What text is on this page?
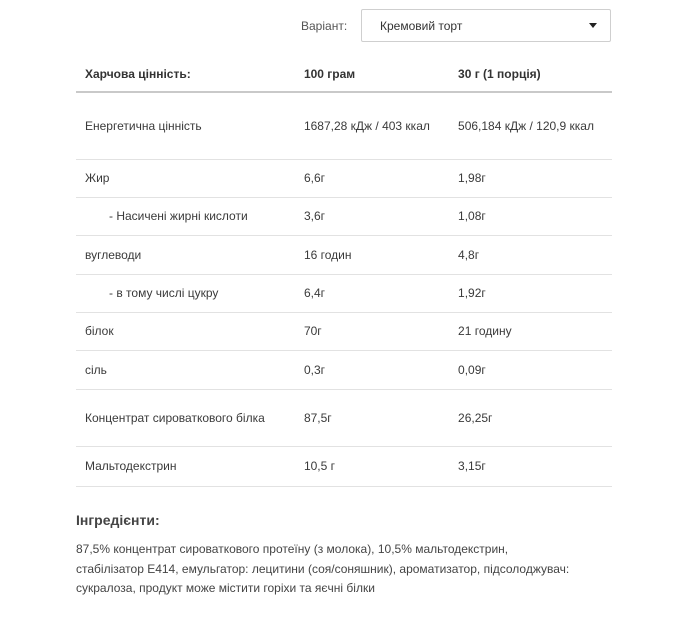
Варіант:	Кремовий торт
Харчова цінність:	100 грам	30 г (1 порція)
Енергетична цінність	1687,28 кДж / 403 ккал	506,184 кДж / 120,9 ккал
Жир	6,6г	1,98г
- Насичені жирні кислоти	3,6г	1,08г
вуглеводи	16 годин	4,8г
- в тому числі цукру	6,4г	1,92г
білок	70г	21 годину
сіль	0,3г	0,09г
Концентрат сироваткового білка	87,5г	26,25г
Мальтодекстрин	10,5 г	3,15г
Інгредієнти:
87,5% концентрат сироваткового протеїну (з молока), 10,5% мальтодекстрин, стабілізатор E414, емульгатор: лецитини (соя/соняшник), ароматизатор, підсолоджувач: сукралоза, продукт може містити горіхи та яєчні білки
